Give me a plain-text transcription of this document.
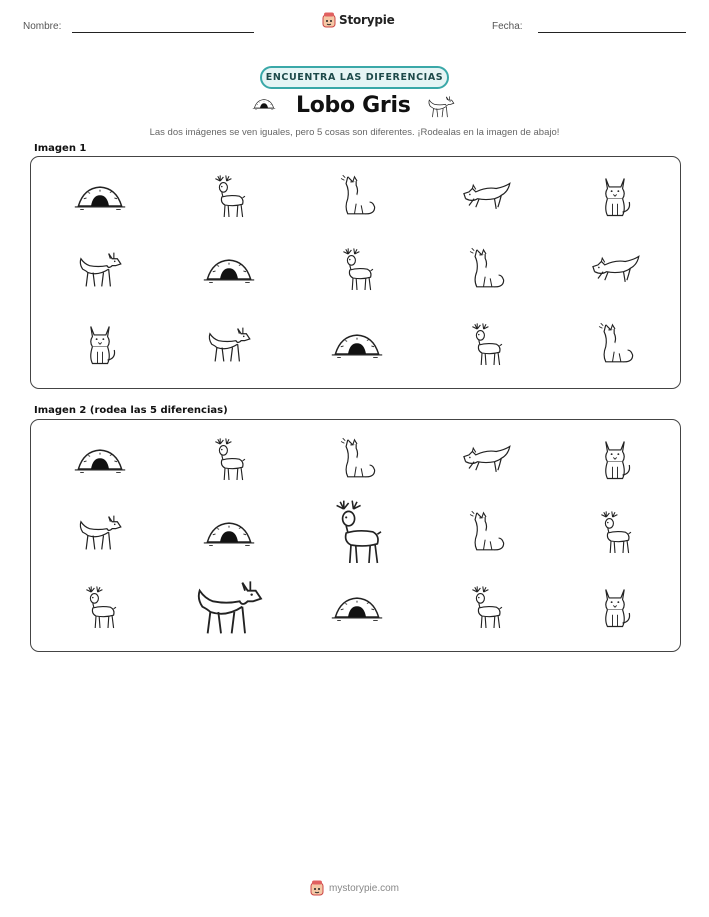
Nombre:	Storypie	Fecha:
ENCUENTRA LAS DIFERENCIAS
Lobo Gris
Las dos imágenes se ven iguales, pero 5 cosas son diferentes. ¡Rodealas en la imagen de abajo!
Imagen 1
Imagen 2 (rodea las 5 diferencias)
mystorypie.com
